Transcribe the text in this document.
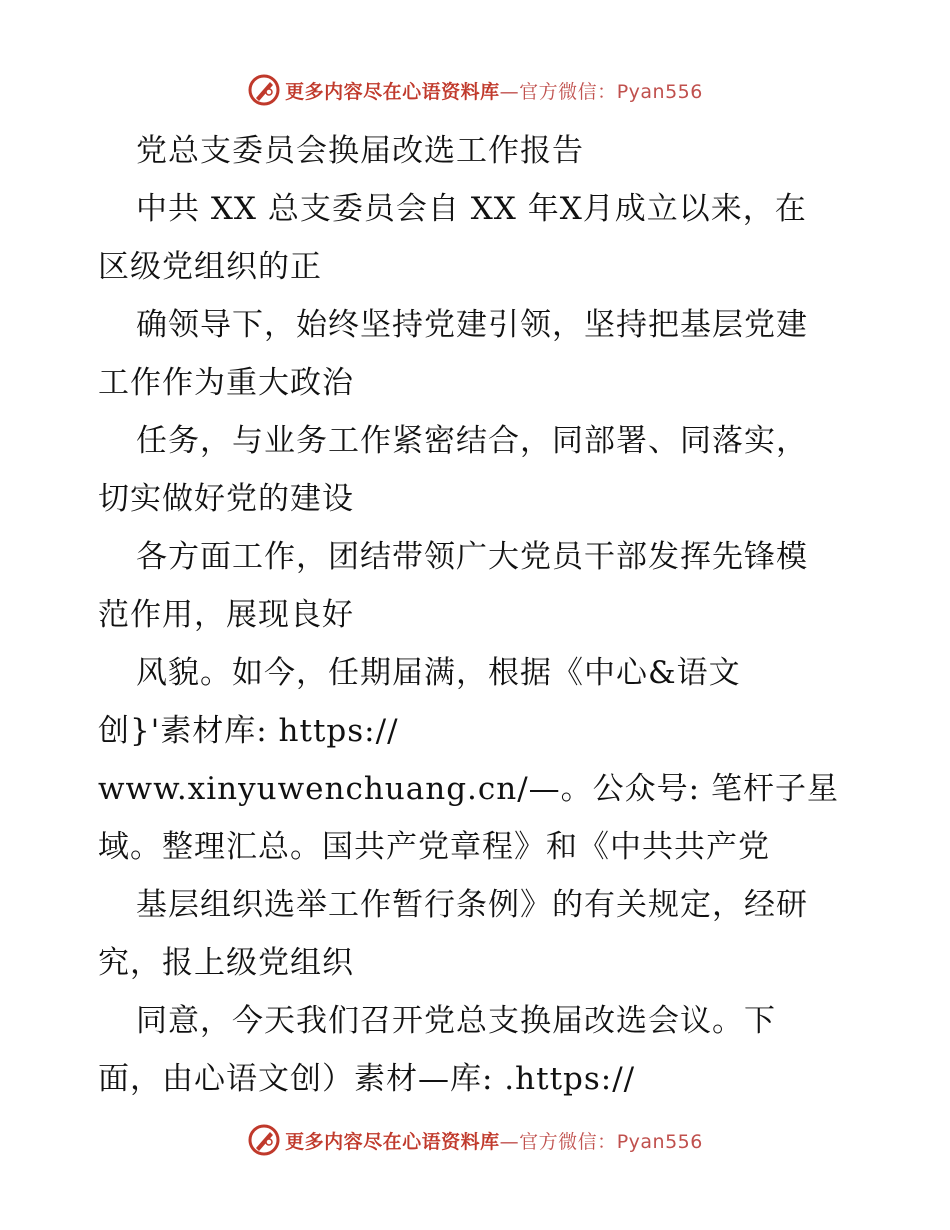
更多内容尽在心语资料库—官方微信：Pyan556
党总支委员会换届改选工作报告
中共 XX 总支委员会自 XX 年X月成立以来，在
区级党组织的正
确领导下，始终坚持党建引领，坚持把基层党建
工作作为重大政治
任务，与业务工作紧密结合，同部署、同落实，
切实做好党的建设
各方面工作，团结带领广大党员干部发挥先锋模
范作用，展现良好
风貌。如今，任期届满，根据《中心&语文
创}'素材库: https://
www.xinyuwenchuang.cn/—。公众号: 笔杆子星
域。整理汇总。国共产党章程》和《中共共产党
基层组织选举工作暂行条例》的有关规定，经研
究，报上级党组织
同意，今天我们召开党总支换届改选会议。下
面，由心语文创）素材—库: .https://
更多内容尽在心语资料库—官方微信：Pyan556
